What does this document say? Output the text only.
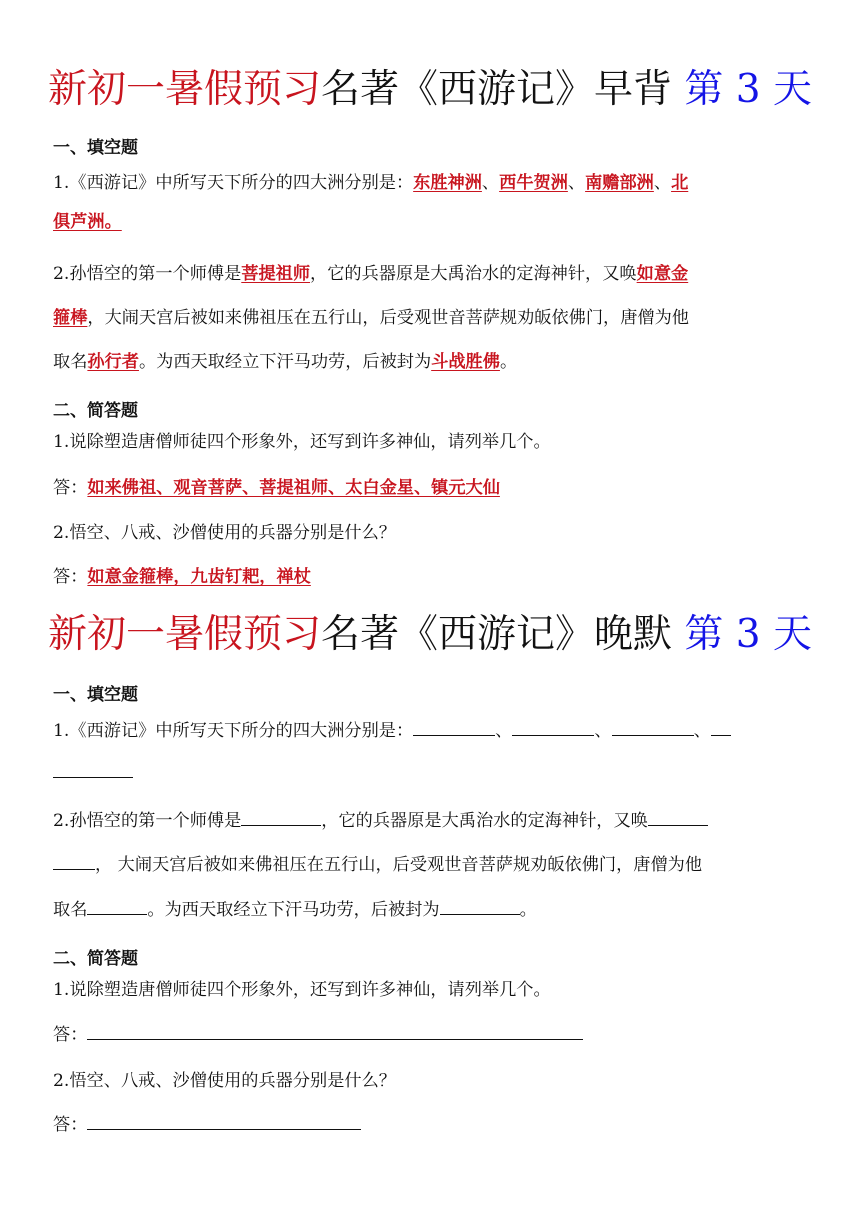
新初一暑假预习名著《西游记》早背 第 3 天
一、填空题
1.《西游记》中所写天下所分的四大洲分别是：东胜神洲、西牛贺洲、南赡部洲、北
俱芦洲。
2.孙悟空的第一个师傅是菩提祖师，它的兵器原是大禹治水的定海神针，又唤如意金
箍棒，大闹天宫后被如来佛祖压在五行山，后受观世音菩萨规劝皈依佛门，唐僧为他
取名孙行者。为西天取经立下汗马功劳，后被封为斗战胜佛。
二、简答题
1.说除塑造唐僧师徒四个形象外，还写到许多神仙，请列举几个。
答：如来佛祖、观音菩萨、菩提祖师、太白金星、镇元大仙
2.悟空、八戒、沙僧使用的兵器分别是什么？
答：如意金箍棒，九齿钉耙，禅杖
新初一暑假预习名著《西游记》晚默 第 3 天
一、填空题
1.《西游记》中所写天下所分的四大洲分别是：	、	、	、
2.孙悟空的第一个师傅是	，它的兵器原是大禹治水的定海神针，又唤
， 大闹天宫后被如来佛祖压在五行山，后受观世音菩萨规劝皈依佛门，唐僧为他
取名	。为西天取经立下汗马功劳，后被封为	。
二、简答题
1.说除塑造唐僧师徒四个形象外，还写到许多神仙，请列举几个。
答：
2.悟空、八戒、沙僧使用的兵器分别是什么？
答：
